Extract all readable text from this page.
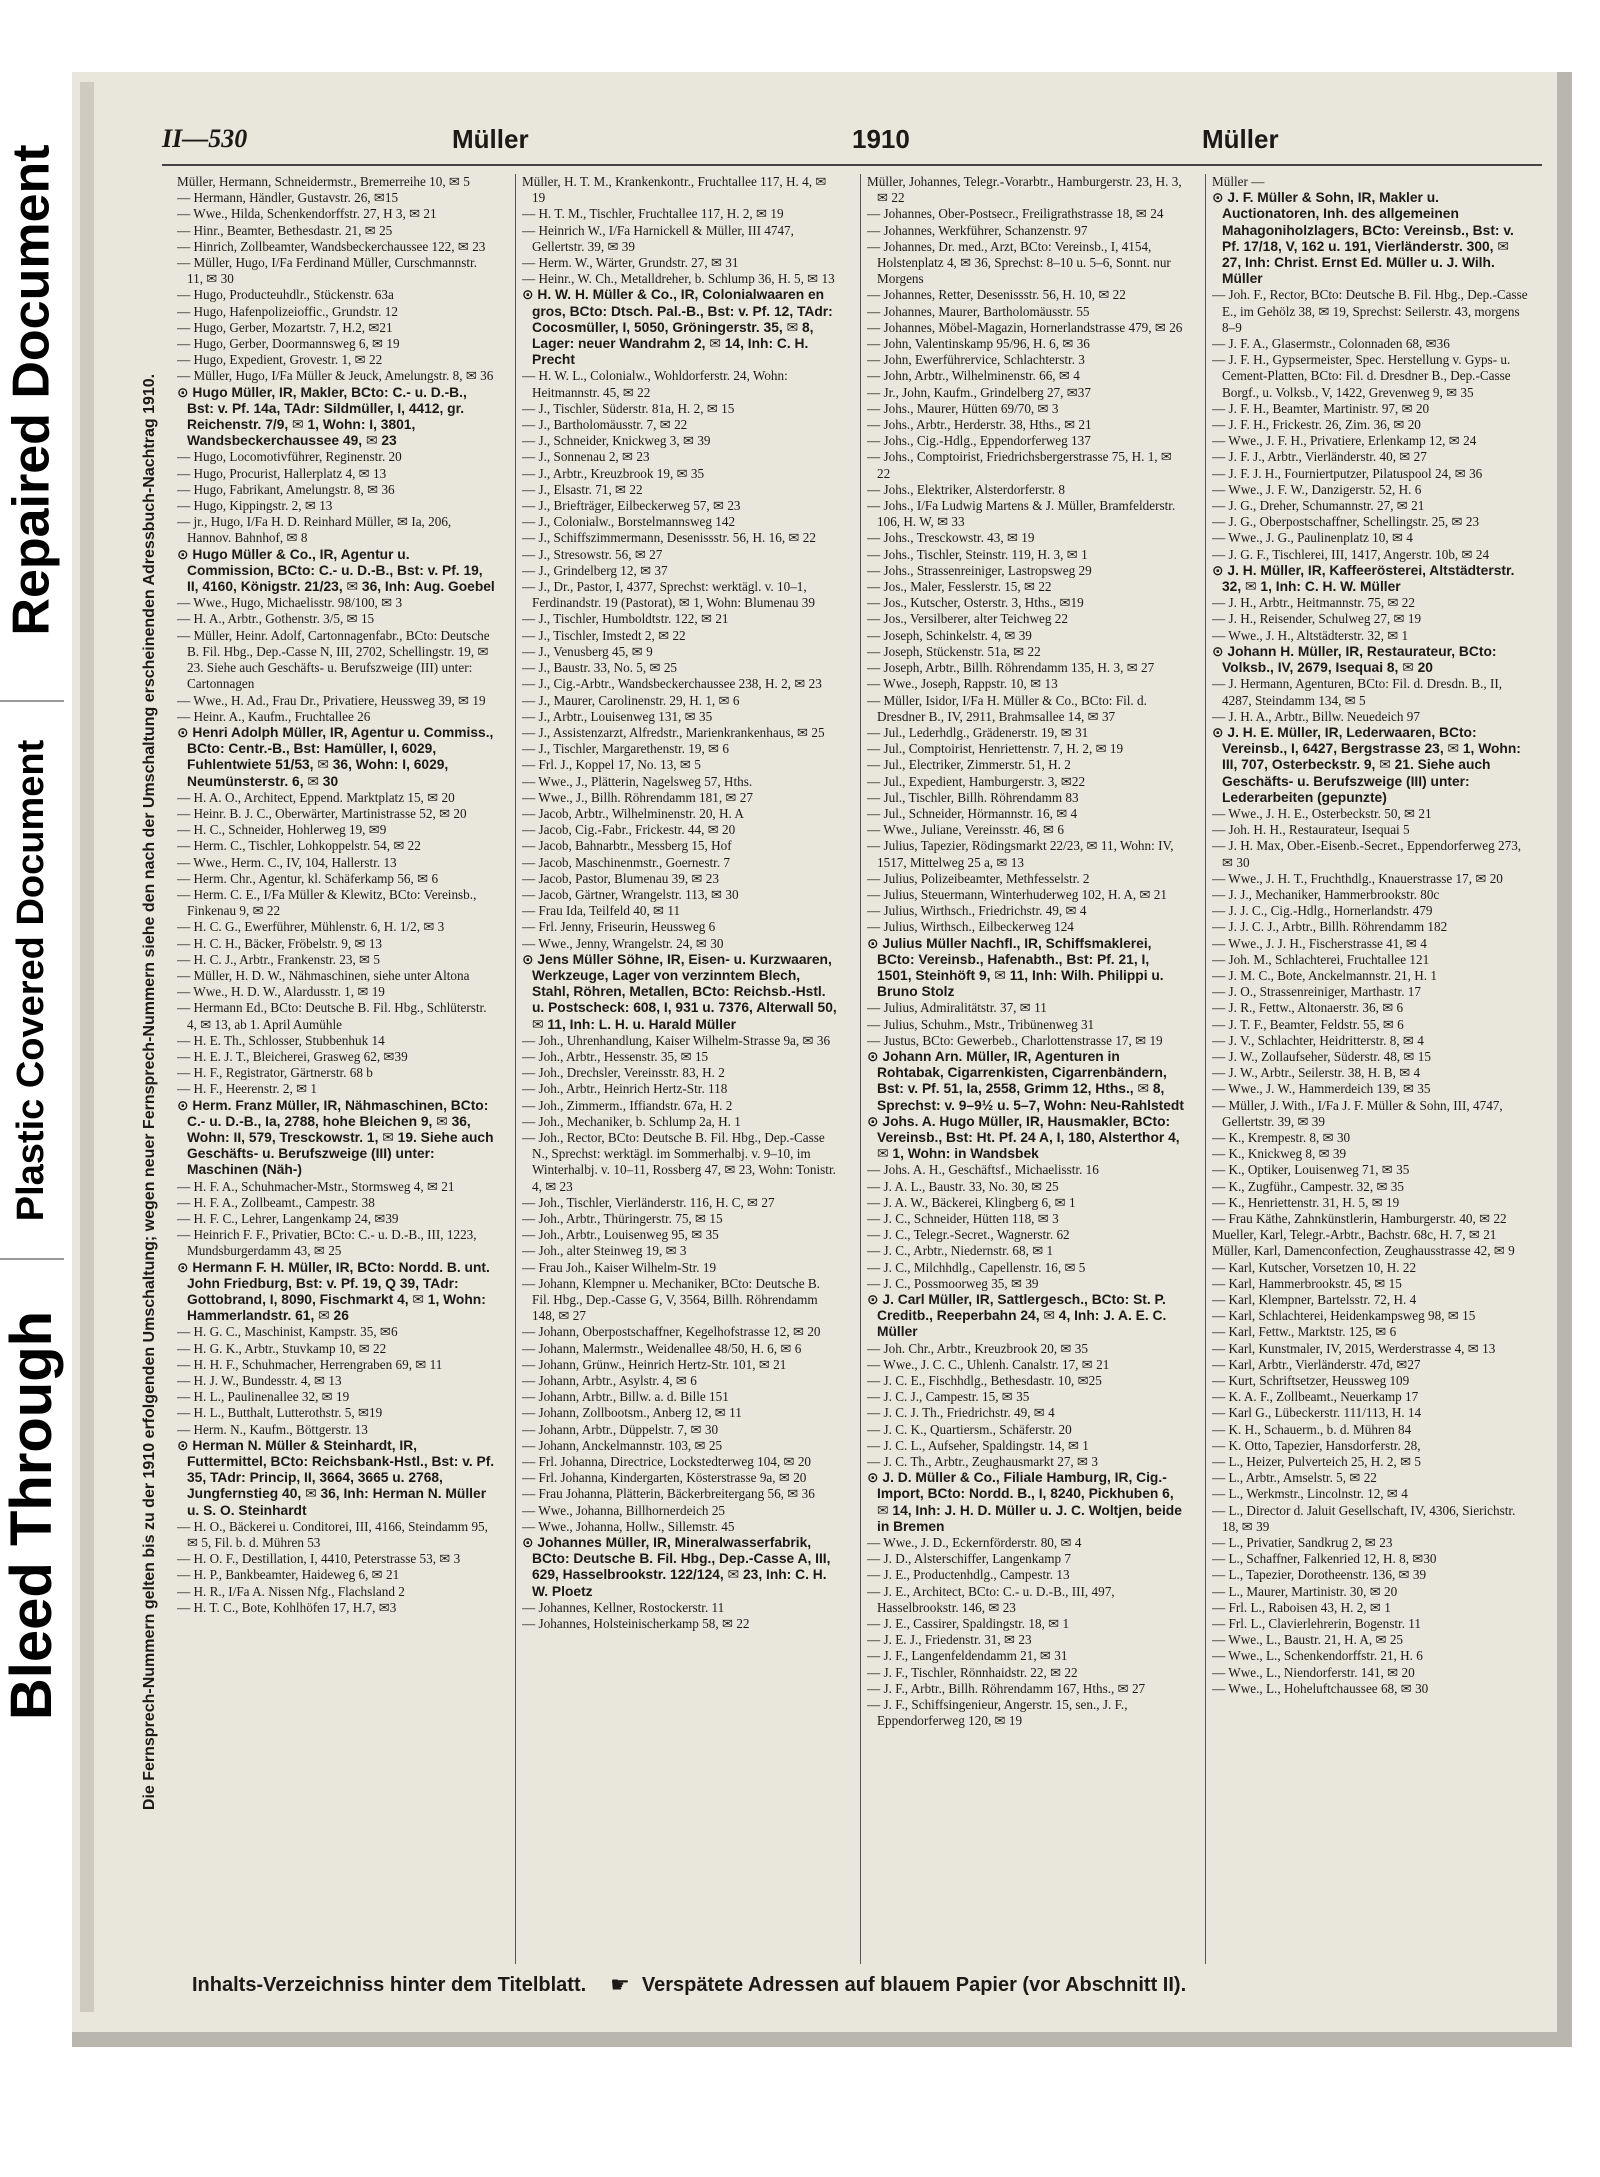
Repaired Document
Plastic Covered Document
Bleed Through
II—530	Müller	1910	Müller
Die Fernsprech-Nummern gelten bis zu der 1910 erfolgenden Umschaltung; wegen neuer Fernsprech-Nummern siehe den nach der Umschaltung erscheinenden Adressbuch-Nachtrag 1910.

Müller, Hermann, Schneidermstr., Bremerreihe 10, ✉ 5

— Hermann, Händler, Gustavstr. 26, ✉15

— Wwe., Hilda, Schenkendorffstr. 27, H 3, ✉ 21

— Hinr., Beamter, Bethesdastr. 21, ✉ 25

— Hinrich, Zollbeamter, Wandsbeckerchaussee 122, ✉ 23

— Müller, Hugo, I/Fa Ferdinand Müller, Curschmannstr. 11, ✉ 30

— Hugo, Producteuhdlr., Stückenstr. 63a

— Hugo, Hafenpolizeioffic., Grundstr. 12

— Hugo, Gerber, Mozartstr. 7, H.2, ✉21

— Hugo, Gerber, Doormannsweg 6, ✉ 19

— Hugo, Expedient, Grovestr. 1, ✉ 22

— Müller, Hugo, I/Fa Müller & Jeuck, Amelungstr. 8, ✉ 36

⊙ Hugo Müller, IR, Makler, BCto: C.- u. D.-B., Bst: v. Pf. 14a, TAdr: Sildmüller, I, 4412, gr. Reichenstr. 7/9, ✉ 1, Wohn: I, 3801, Wandsbeckerchaussee 49, ✉ 23

— Hugo, Locomotivführer, Reginenstr. 20

— Hugo, Procurist, Hallerplatz 4, ✉ 13

— Hugo, Fabrikant, Amelungstr. 8, ✉ 36

— Hugo, Kippingstr. 2, ✉ 13

— jr., Hugo, I/Fa H. D. Reinhard Müller, ✉ Ia, 206, Hannov. Bahnhof, ✉ 8

⊙ Hugo Müller & Co., IR, Agentur u. Commission, BCto: C.- u. D.-B., Bst: v. Pf. 19, II, 4160, Königstr. 21/23, ✉ 36, Inh: Aug. Goebel

— Wwe., Hugo, Michaelisstr. 98/100, ✉ 3

— H. A., Arbtr., Gothenstr. 3/5, ✉ 15

— Müller, Heinr. Adolf, Cartonnagenfabr., BCto: Deutsche B. Fil. Hbg., Dep.-Casse N, III, 2702, Schellingstr. 19, ✉ 23. Siehe auch Geschäfts- u. Berufszweige (III) unter: Cartonnagen

— Wwe., H. Ad., Frau Dr., Privatiere, Heussweg 39, ✉ 19

— Heinr. A., Kaufm., Fruchtallee 26

⊙ Henri Adolph Müller, IR, Agentur u. Commiss., BCto: Centr.-B., Bst: Hamüller, I, 6029, Fuhlentwiete 51/53, ✉ 36, Wohn: I, 6029, Neumünsterstr. 6, ✉ 30

— H. A. O., Architect, Eppend. Marktplatz 15, ✉ 20

— Heinr. B. J. C., Oberwärter, Martinistrasse 52, ✉ 20

— H. C., Schneider, Hohlerweg 19, ✉9

— Herm. C., Tischler, Lohkoppelstr. 54, ✉ 22

— Wwe., Herm. C., IV, 104, Hallerstr. 13

— Herm. Chr., Agentur, kl. Schäferkamp 56, ✉ 6

— Herm. C. E., I/Fa Müller & Klewitz, BCto: Vereinsb., Finkenau 9, ✉ 22

— H. C. G., Ewerführer, Mühlenstr. 6, H. 1/2, ✉ 3

— H. C. H., Bäcker, Fröbelstr. 9, ✉ 13

— H. C. J., Arbtr., Frankenstr. 23, ✉ 5

— Müller, H. D. W., Nähmaschinen, siehe unter Altona

— Wwe., H. D. W., Alardusstr. 1, ✉ 19

— Hermann Ed., BCto: Deutsche B. Fil. Hbg., Schlüterstr. 4, ✉ 13, ab 1. April Aumühle

— H. E. Th., Schlosser, Stubbenhuk 14

— H. E. J. T., Bleicherei, Grasweg 62, ✉39

— H. F., Registrator, Gärtnerstr. 68 b

— H. F., Heerenstr. 2, ✉ 1

⊙ Herm. Franz Müller, IR, Nähmaschinen, BCto: C.- u. D.-B., Ia, 2788, hohe Bleichen 9, ✉ 36, Wohn: II, 579, Tresckowstr. 1, ✉ 19. Siehe auch Geschäfts- u. Berufszweige (III) unter: Maschinen (Näh-)

— H. F. A., Schuhmacher-Mstr., Stormsweg 4, ✉ 21

— H. F. A., Zollbeamt., Campestr. 38

— H. F. C., Lehrer, Langenkamp 24, ✉39

— Heinrich F. F., Privatier, BCto: C.- u. D.-B., III, 1223, Mundsburgerdamm 43, ✉ 25

⊙ Hermann F. H. Müller, IR, BCto: Nordd. B. unt. John Friedburg, Bst: v. Pf. 19, Q 39, TAdr: Gottobrand, I, 8090, Fischmarkt 4, ✉ 1, Wohn: Hammerlandstr. 61, ✉ 26

— H. G. C., Maschinist, Kampstr. 35, ✉6

— H. G. K., Arbtr., Stuvkamp 10, ✉ 22

— H. H. F., Schuhmacher, Herrengraben 69, ✉ 11

— H. J. W., Bundesstr. 4, ✉ 13

— H. L., Paulinenallee 32, ✉ 19

— H. L., Butthalt, Lutterothstr. 5, ✉19

— Herm. N., Kaufm., Böttgerstr. 13

⊙ Herman N. Müller & Steinhardt, IR, Futtermittel, BCto: Reichsbank-Hstl., Bst: v. Pf. 35, TAdr: Princip, II, 3664, 3665 u. 2768, Jungfernstieg 40, ✉ 36, Inh: Herman N. Müller u. S. O. Steinhardt

— H. O., Bäckerei u. Conditorei, III, 4166, Steindamm 95, ✉ 5, Fil. b. d. Mühren 53

— H. O. F., Destillation, I, 4410, Peterstrasse 53, ✉ 3

— H. P., Bankbeamter, Haideweg 6, ✉ 21

— H. R., I/Fa A. Nissen Nfg., Flachsland 2

— H. T. C., Bote, Kohlhöfen 17, H.7, ✉3

Müller, H. T. M., Krankenkontr., Fruchtallee 117, H. 4, ✉ 19

— H. T. M., Tischler, Fruchtallee 117, H. 2, ✉ 19

— Heinrich W., I/Fa Harnickell & Müller, III 4747, Gellertstr. 39, ✉ 39

— Herm. W., Wärter, Grundstr. 27, ✉ 31

— Heinr., W. Ch., Metalldreher, b. Schlump 36, H. 5, ✉ 13

⊙ H. W. H. Müller & Co., IR, Colonialwaaren en gros, BCto: Dtsch. Pal.-B., Bst: v. Pf. 12, TAdr: Cocosmüller, I, 5050, Gröningerstr. 35, ✉ 8, Lager: neuer Wandrahm 2, ✉ 14, Inh: C. H. Precht

— H. W. L., Colonialw., Wohldorferstr. 24, Wohn: Heitmannstr. 45, ✉ 22

— J., Tischler, Süderstr. 81a, H. 2, ✉ 15

— J., Bartholomäusstr. 7, ✉ 22

— J., Schneider, Knickweg 3, ✉ 39

— J., Sonnenau 2, ✉ 23

— J., Arbtr., Kreuzbrook 19, ✉ 35

— J., Elsastr. 71, ✉ 22

— J., Briefträger, Eilbeckerweg 57, ✉ 23

— J., Colonialw., Borstelmannsweg 142

— J., Schiffszimmermann, Desenissstr. 56, H. 16, ✉ 22

— J., Stresowstr. 56, ✉ 27

— J., Grindelberg 12, ✉ 37

— J., Dr., Pastor, I, 4377, Sprechst: werktägl. v. 10–1, Ferdinandstr. 19 (Pastorat), ✉ 1, Wohn: Blumenau 39

— J., Tischler, Humboldtstr. 122, ✉ 21

— J., Tischler, Imstedt 2, ✉ 22

— J., Venusberg 45, ✉ 9

— J., Baustr. 33, No. 5, ✉ 25

— J., Cig.-Arbtr., Wandsbeckerchaussee 238, H. 2, ✉ 23

— J., Maurer, Carolinenstr. 29, H. 1, ✉ 6

— J., Arbtr., Louisenweg 131, ✉ 35

— J., Assistenzarzt, Alfredstr., Marienkrankenhaus, ✉ 25

— J., Tischler, Margarethenstr. 19, ✉ 6

— Frl. J., Koppel 17, No. 13, ✉ 5

— Wwe., J., Plätterin, Nagelsweg 57, Hths.

— Wwe., J., Billh. Röhrendamm 181, ✉ 27

— Jacob, Arbtr., Wilhelminenstr. 20, H. A

— Jacob, Cig.-Fabr., Frickestr. 44, ✉ 20

— Jacob, Bahnarbtr., Messberg 15, Hof

— Jacob, Maschinenmstr., Goernestr. 7

— Jacob, Pastor, Blumenau 39, ✉ 23

— Jacob, Gärtner, Wrangelstr. 113, ✉ 30

— Frau Ida, Teilfeld 40, ✉ 11

— Frl. Jenny, Friseurin, Heussweg 6

— Wwe., Jenny, Wrangelstr. 24, ✉ 30

⊙ Jens Müller Söhne, IR, Eisen- u. Kurzwaaren, Werkzeuge, Lager von verzinntem Blech, Stahl, Röhren, Metallen, BCto: Reichsb.-Hstl. u. Postscheck: 608, I, 931 u. 7376, Alterwall 50, ✉ 11, Inh: L. H. u. Harald Müller

— Joh., Uhrenhandlung, Kaiser Wilhelm-Strasse 9a, ✉ 36

— Joh., Arbtr., Hessenstr. 35, ✉ 15

— Joh., Drechsler, Vereinsstr. 83, H. 2

— Joh., Arbtr., Heinrich Hertz-Str. 118

— Joh., Zimmerm., Iffiandstr. 67a, H. 2

— Joh., Mechaniker, b. Schlump 2a, H. 1

— Joh., Rector, BCto: Deutsche B. Fil. Hbg., Dep.-Casse N., Sprechst: werktägl. im Sommerhalbj. v. 9–10, im Winterhalbj. v. 10–11, Rossberg 47, ✉ 23, Wohn: Tonistr. 4, ✉ 23

— Joh., Tischler, Vierländerstr. 116, H. C, ✉ 27

— Joh., Arbtr., Thüringerstr. 75, ✉ 15

— Joh., Arbtr., Louisenweg 95, ✉ 35

— Joh., alter Steinweg 19, ✉ 3

— Frau Joh., Kaiser Wilhelm-Str. 19

— Johann, Klempner u. Mechaniker, BCto: Deutsche B. Fil. Hbg., Dep.-Casse G, V, 3564, Billh. Röhrendamm 148, ✉ 27

— Johann, Oberpostschaffner, Kegelhofstrasse 12, ✉ 20

— Johann, Malermstr., Weidenallee 48/50, H. 6, ✉ 6

— Johann, Grünw., Heinrich Hertz-Str. 101, ✉ 21

— Johann, Arbtr., Asylstr. 4, ✉ 6

— Johann, Arbtr., Billw. a. d. Bille 151

— Johann, Zollbootsm., Anberg 12, ✉ 11

— Johann, Arbtr., Düppelstr. 7, ✉ 30

— Johann, Anckelmannstr. 103, ✉ 25

— Frl. Johanna, Directrice, Lockstedterweg 104, ✉ 20

— Frl. Johanna, Kindergarten, Kösterstrasse 9a, ✉ 20

— Frau Johanna, Plätterin, Bäckerbreitergang 56, ✉ 36

— Wwe., Johanna, Billhornerdeich 25

— Wwe., Johanna, Hollw., Sillemstr. 45

⊙ Johannes Müller, IR, Mineralwasserfabrik, BCto: Deutsche B. Fil. Hbg., Dep.-Casse A, III, 629, Hasselbrookstr. 122/124, ✉ 23, Inh: C. H. W. Ploetz

— Johannes, Kellner, Rostockerstr. 11

— Johannes, Holsteinischerkamp 58, ✉ 22

Müller, Johannes, Telegr.-Vorarbtr., Hamburgerstr. 23, H. 3, ✉ 22

— Johannes, Ober-Postsecr., Freiligrathstrasse 18, ✉ 24

— Johannes, Werkführer, Schanzenstr. 97

— Johannes, Dr. med., Arzt, BCto: Vereinsb., I, 4154, Holstenplatz 4, ✉ 36, Sprechst: 8–10 u. 5–6, Sonnt. nur Morgens

— Johannes, Retter, Desenissstr. 56, H. 10, ✉ 22

— Johannes, Maurer, Bartholomäusstr. 55

— Johannes, Möbel-Magazin, Hornerlandstrasse 479, ✉ 26

— John, Valentinskamp 95/96, H. 6, ✉ 36

— John, Ewerführervice, Schlachterstr. 3

— John, Arbtr., Wilhelminenstr. 66, ✉ 4

— Jr., John, Kaufm., Grindelberg 27, ✉37

— Johs., Maurer, Hütten 69/70, ✉ 3

— Johs., Arbtr., Herderstr. 38, Hths., ✉ 21

— Johs., Cig.-Hdlg., Eppendorferweg 137

— Johs., Comptoirist, Friedrichsbergerstrasse 75, H. 1, ✉ 22

— Johs., Elektriker, Alsterdorferstr. 8

— Johs., I/Fa Ludwig Martens & J. Müller, Bramfelderstr. 106, H. W, ✉ 33

— Johs., Tresckowstr. 43, ✉ 19

— Johs., Tischler, Steinstr. 119, H. 3, ✉ 1

— Johs., Strassenreiniger, Lastropsweg 29

— Jos., Maler, Fesslerstr. 15, ✉ 22

— Jos., Kutscher, Osterstr. 3, Hths., ✉19

— Jos., Versilberer, alter Teichweg 22

— Joseph, Schinkelstr. 4, ✉ 39

— Joseph, Stückenstr. 51a, ✉ 22

— Joseph, Arbtr., Billh. Röhrendamm 135, H. 3, ✉ 27

— Wwe., Joseph, Rappstr. 10, ✉ 13

— Müller, Isidor, I/Fa H. Müller & Co., BCto: Fil. d. Dresdner B., IV, 2911, Brahmsallee 14, ✉ 37

— Jul., Lederhdlg., Grädenerstr. 19, ✉ 31

— Jul., Comptoirist, Henriettenstr. 7, H. 2, ✉ 19

— Jul., Electriker, Zimmerstr. 51, H. 2

— Jul., Expedient, Hamburgerstr. 3, ✉22

— Jul., Tischler, Billh. Röhrendamm 83

— Jul., Schneider, Hörmannstr. 16, ✉ 4

— Wwe., Juliane, Vereinsstr. 46, ✉ 6

— Julius, Tapezier, Rödingsmarkt 22/23, ✉ 11, Wohn: IV, 1517, Mittelweg 25 a, ✉ 13

— Julius, Polizeibeamter, Methfesselstr. 2

— Julius, Steuermann, Winterhuderweg 102, H. A, ✉ 21

— Julius, Wirthsch., Friedrichstr. 49, ✉ 4

— Julius, Wirthsch., Eilbeckerweg 124

⊙ Julius Müller Nachfl., IR, Schiffsmaklerei, BCto: Vereinsb., Hafenabth., Bst: Pf. 21, I, 1501, Steinhöft 9, ✉ 11, Inh: Wilh. Philippi u. Bruno Stolz

— Julius, Admiralitätstr. 37, ✉ 11

— Julius, Schuhm., Mstr., Tribünenweg 31

— Justus, BCto: Gewerbeb., Charlottenstrasse 17, ✉ 19

⊙ Johann Arn. Müller, IR, Agenturen in Rohtabak, Cigarrenkisten, Cigarrenbändern, Bst: v. Pf. 51, Ia, 2558, Grimm 12, Hths., ✉ 8, Sprechst: v. 9–9½ u. 5–7, Wohn: Neu-Rahlstedt

⊙ Johs. A. Hugo Müller, IR, Hausmakler, BCto: Vereinsb., Bst: Ht. Pf. 24 A, I, 180, Alsterthor 4, ✉ 1, Wohn: in Wandsbek

— Johs. A. H., Geschäftsf., Michaelisstr. 16

— J. A. L., Baustr. 33, No. 30, ✉ 25

— J. A. W., Bäckerei, Klingberg 6, ✉ 1

— J. C., Schneider, Hütten 118, ✉ 3

— J. C., Telegr.-Secret., Wagnerstr. 62

— J. C., Arbtr., Niedernstr. 68, ✉ 1

— J. C., Milchhdlg., Capellenstr. 16, ✉ 5

— J. C., Possmoorweg 35, ✉ 39

⊙ J. Carl Müller, IR, Sattlergesch., BCto: St. P. Creditb., Reeperbahn 24, ✉ 4, Inh: J. A. E. C. Müller

— Joh. Chr., Arbtr., Kreuzbrook 20, ✉ 35

— Wwe., J. C. C., Uhlenh. Canalstr. 17, ✉ 21

— J. C. E., Fischhdlg., Bethesdastr. 10, ✉25

— J. C. J., Campestr. 15, ✉ 35

— J. C. J. Th., Friedrichstr. 49, ✉ 4

— J. C. K., Quartiersm., Schäferstr. 20

— J. C. L., Aufseher, Spaldingstr. 14, ✉ 1

— J. C. Th., Arbtr., Zeughausmarkt 27, ✉ 3

⊙ J. D. Müller & Co., Filiale Hamburg, IR, Cig.-Import, BCto: Nordd. B., I, 8240, Pickhuben 6, ✉ 14, Inh: J. H. D. Müller u. J. C. Woltjen, beide in Bremen

— Wwe., J. D., Eckernförderstr. 80, ✉ 4

— J. D., Alsterschiffer, Langenkamp 7

— J. E., Productenhdlg., Campestr. 13

— J. E., Architect, BCto: C.- u. D.-B., III, 497, Hasselbrookstr. 146, ✉ 23

— J. E., Cassirer, Spaldingstr. 18, ✉ 1

— J. E. J., Friedenstr. 31, ✉ 23

— J. F., Langenfeldendamm 21, ✉ 31

— J. F., Tischler, Rönnhaidstr. 22, ✉ 22

— J. F., Arbtr., Billh. Röhrendamm 167, Hths., ✉ 27

— J. F., Schiffsingenieur, Angerstr. 15, sen., J. F., Eppendorferweg 120, ✉ 19

Müller —

⊙ J. F. Müller & Sohn, IR, Makler u. Auctionatoren, Inh. des allgemeinen Mahagoniholzlagers, BCto: Vereinsb., Bst: v. Pf. 17/18, V, 162 u. 191, Vierländerstr. 300, ✉ 27, Inh: Christ. Ernst Ed. Müller u. J. Wilh. Müller

— Joh. F., Rector, BCto: Deutsche B. Fil. Hbg., Dep.-Casse E., im Gehölz 38, ✉ 19, Sprechst: Seilerstr. 43, morgens 8–9

— J. F. A., Glasermstr., Colonnaden 68, ✉36

— J. F. H., Gypsermeister, Spec. Herstellung v. Gyps- u. Cement-Platten, BCto: Fil. d. Dresdner B., Dep.-Casse Borgf., u. Volksb., V, 1422, Grevenweg 9, ✉ 35

— J. F. H., Beamter, Martinistr. 97, ✉ 20

— J. F. H., Frickestr. 26, Zim. 36, ✉ 20

— Wwe., J. F. H., Privatiere, Erlenkamp 12, ✉ 24

— J. F. J., Arbtr., Vierländerstr. 40, ✉ 27

— J. F. J. H., Fourniertputzer, Pilatuspool 24, ✉ 36

— Wwe., J. F. W., Danzigerstr. 52, H. 6

— J. G., Dreher, Schumannstr. 27, ✉ 21

— J. G., Oberpostschaffner, Schellingstr. 25, ✉ 23

— Wwe., J. G., Paulinenplatz 10, ✉ 4

— J. G. F., Tischlerei, III, 1417, Angerstr. 10b, ✉ 24

⊙ J. H. Müller, IR, Kaffeerösterei, Altstädterstr. 32, ✉ 1, Inh: C. H. W. Müller

— J. H., Arbtr., Heitmannstr. 75, ✉ 22

— J. H., Reisender, Schulweg 27, ✉ 19

— Wwe., J. H., Altstädterstr. 32, ✉ 1

⊙ Johann H. Müller, IR, Restaurateur, BCto: Volksb., IV, 2679, Isequai 8, ✉ 20

— J. Hermann, Agenturen, BCto: Fil. d. Dresdn. B., II, 4287, Steindamm 134, ✉ 5

— J. H. A., Arbtr., Billw. Neuedeich 97

⊙ J. H. E. Müller, IR, Lederwaaren, BCto: Vereinsb., I, 6427, Bergstrasse 23, ✉ 1, Wohn: III, 707, Osterbeckstr. 9, ✉ 21. Siehe auch Geschäfts- u. Berufszweige (III) unter: Lederarbeiten (gepunzte)

— Wwe., J. H. E., Osterbeckstr. 50, ✉ 21

— Joh. H. H., Restaurateur, Isequai 5

— J. H. Max, Ober.-Eisenb.-Secret., Eppendorferweg 273, ✉ 30

— Wwe., J. H. T., Fruchthdlg., Knauerstrasse 17, ✉ 20

— J. J., Mechaniker, Hammerbrookstr. 80c

— J. J. C., Cig.-Hdlg., Hornerlandstr. 479

— J. J. C. J., Arbtr., Billh. Röhrendamm 182

— Wwe., J. J. H., Fischerstrasse 41, ✉ 4

— Joh. M., Schlachterei, Fruchtallee 121

— J. M. C., Bote, Anckelmannstr. 21, H. 1

— J. O., Strassenreiniger, Marthastr. 17

— J. R., Fettw., Altonaerstr. 36, ✉ 6

— J. T. F., Beamter, Feldstr. 55, ✉ 6

— J. V., Schlachter, Heidritterstr. 8, ✉ 4

— J. W., Zollaufseher, Süderstr. 48, ✉ 15

— J. W., Arbtr., Seilerstr. 38, H. B, ✉ 4

— Wwe., J. W., Hammerdeich 139, ✉ 35

— Müller, J. With., I/Fa J. F. Müller & Sohn, III, 4747, Gellertstr. 39, ✉ 39

— K., Krempestr. 8, ✉ 30

— K., Knickweg 8, ✉ 39

— K., Optiker, Louisenweg 71, ✉ 35

— K., Zugführ., Campestr. 32, ✉ 35

— K., Henriettenstr. 31, H. 5, ✉ 19

— Frau Käthe, Zahnkünstlerin, Hamburgerstr. 40, ✉ 22

Mueller, Karl, Telegr.-Arbtr., Bachstr. 68c, H. 7, ✉ 21

Müller, Karl, Damenconfection, Zeughausstrasse 42, ✉ 9

— Karl, Kutscher, Vorsetzen 10, H. 22

— Karl, Hammerbrookstr. 45, ✉ 15

— Karl, Klempner, Bartelsstr. 72, H. 4

— Karl, Schlachterei, Heidenkampsweg 98, ✉ 15

— Karl, Fettw., Marktstr. 125, ✉ 6

— Karl, Kunstmaler, IV, 2015, Werderstrasse 4, ✉ 13

— Karl, Arbtr., Vierländerstr. 47d, ✉27

— Kurt, Schriftsetzer, Heussweg 109

— K. A. F., Zollbeamt., Neuerkamp 17

— Karl G., Lübeckerstr. 111/113, H. 14

— K. H., Schauerm., b. d. Mühren 84

— K. Otto, Tapezier, Hansdorferstr. 28,

— L., Heizer, Pulverteich 25, H. 2, ✉ 5

— L., Arbtr., Amselstr. 5, ✉ 22

— L., Werkmstr., Lincolnstr. 12, ✉ 4

— L., Director d. Jaluit Gesellschaft, IV, 4306, Sierichstr. 18, ✉ 39

— L., Privatier, Sandkrug 2, ✉ 23

— L., Schaffner, Falkenried 12, H. 8, ✉30

— L., Tapezier, Dorotheenstr. 136, ✉ 39

— L., Maurer, Martinistr. 30, ✉ 20

— Frl. L., Raboisen 43, H. 2, ✉ 1

— Frl. L., Clavierlehrerin, Bogenstr. 11

— Wwe., L., Baustr. 21, H. A, ✉ 25

— Wwe., L., Schenkendorffstr. 21, H. 6

— Wwe., L., Niendorferstr. 141, ✉ 20

— Wwe., L., Hoheluftchaussee 68, ✉ 30

Inhalts-Verzeichniss hinter dem Titelblatt. ☛ Verspätete Adressen auf blauem Papier (vor Abschnitt II).
